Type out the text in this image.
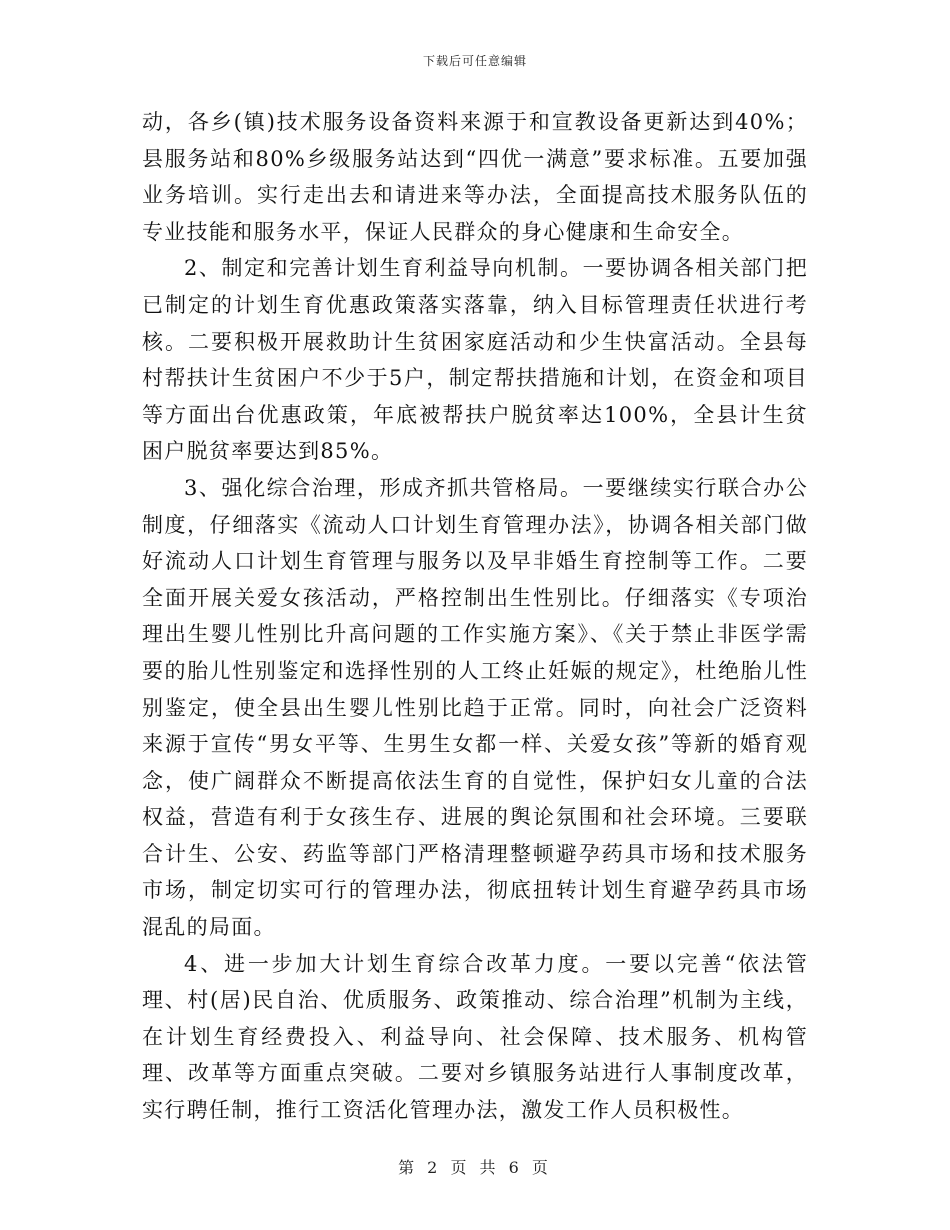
下载后可任意编辑

动，各乡(镇)技术服务设备资料来源于和宣教设备更新达到40%；县服务站和80%乡级服务站达到“四优一满意”要求标准。五要加强业务培训。实行走出去和请进来等办法，全面提高技术服务队伍的专业技能和服务水平，保证人民群众的身心健康和生命安全。

2、制定和完善计划生育利益导向机制。一要协调各相关部门把已制定的计划生育优惠政策落实落靠，纳入目标管理责任状进行考核。二要积极开展救助计生贫困家庭活动和少生快富活动。全县每村帮扶计生贫困户不少于5户，制定帮扶措施和计划，在资金和项目等方面出台优惠政策，年底被帮扶户脱贫率达100%，全县计生贫困户脱贫率要达到85%。

3、强化综合治理，形成齐抓共管格局。一要继续实行联合办公制度，仔细落实《流动人口计划生育管理办法》，协调各相关部门做好流动人口计划生育管理与服务以及早非婚生育控制等工作。二要全面开展关爱女孩活动，严格控制出生性别比。仔细落实《专项治理出生婴儿性别比升高问题的工作实施方案》、《关于禁止非医学需要的胎儿性别鉴定和选择性别的人工终止妊娠的规定》，杜绝胎儿性别鉴定，使全县出生婴儿性别比趋于正常。同时，向社会广泛资料来源于宣传“男女平等、生男生女都一样、关爱女孩”等新的婚育观念，使广阔群众不断提高依法生育的自觉性，保护妇女儿童的合法权益，营造有利于女孩生存、进展的舆论氛围和社会环境。三要联合计生、公安、药监等部门严格清理整顿避孕药具市场和技术服务市场，制定切实可行的管理办法，彻底扭转计划生育避孕药具市场混乱的局面。

4、进一步加大计划生育综合改革力度。一要以完善“依法管理、村(居)民自治、优质服务、政策推动、综合治理”机制为主线，在计划生育经费投入、利益导向、社会保障、技术服务、机构管理、改革等方面重点突破。二要对乡镇服务站进行人事制度改革，实行聘任制，推行工资活化管理办法，激发工作人员积极性。

第 2 页 共 6 页
